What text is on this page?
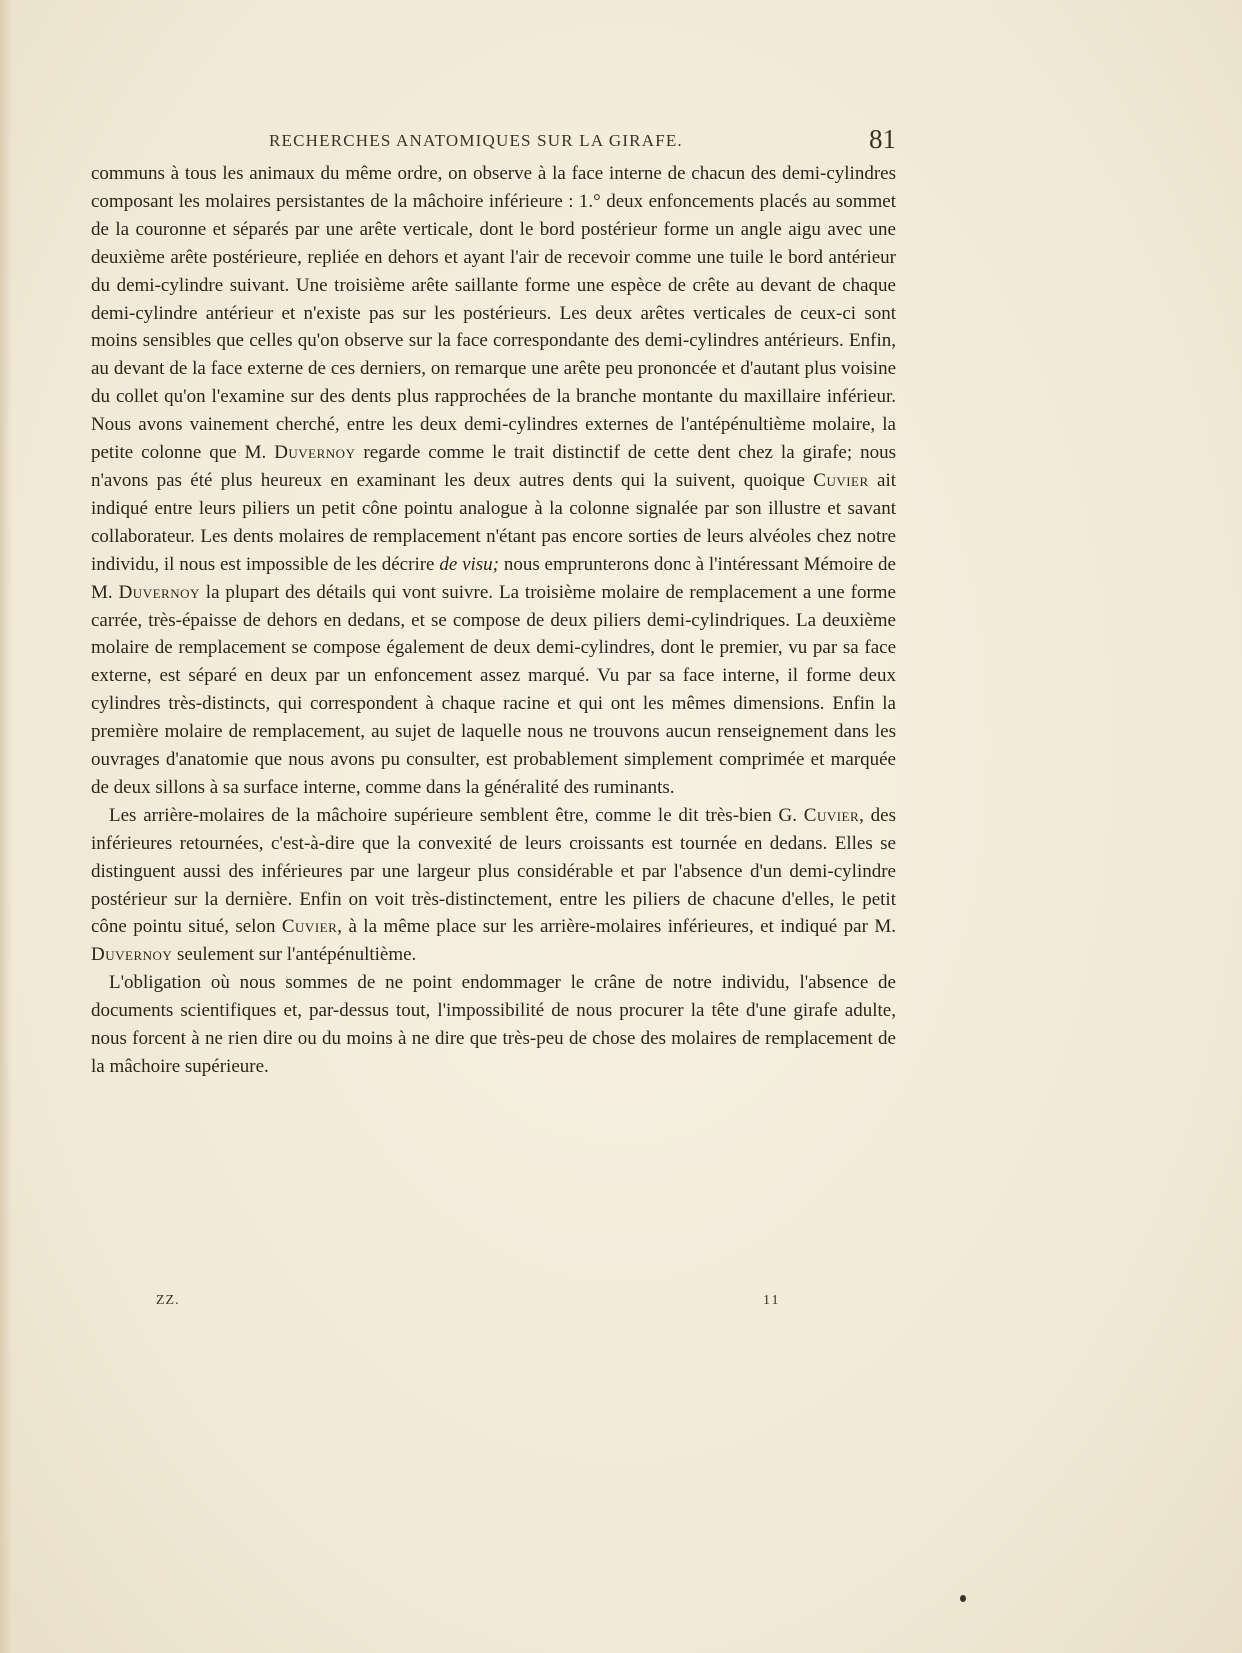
RECHERCHES ANATOMIQUES SUR LA GIRAFE.	81

communs à tous les animaux du même ordre, on observe à la face interne de chacun des demi-cylindres composant les molaires persistantes de la mâchoire inférieure : 1.° deux enfoncements placés au sommet de la couronne et séparés par une arête verticale, dont le bord postérieur forme un angle aigu avec une deuxième arête postérieure, repliée en dehors et ayant l'air de recevoir comme une tuile le bord antérieur du demi-cylindre suivant. Une troisième arête saillante forme une espèce de crête au devant de chaque demi-cylindre antérieur et n'existe pas sur les postérieurs. Les deux arêtes verticales de ceux-ci sont moins sensibles que celles qu'on observe sur la face correspondante des demi-cylindres antérieurs. Enfin, au devant de la face externe de ces derniers, on remarque une arête peu prononcée et d'autant plus voisine du collet qu'on l'examine sur des dents plus rapprochées de la branche montante du maxillaire inférieur. Nous avons vainement cherché, entre les deux demi-cylindres externes de l'antépénultième molaire, la petite colonne que M. Duvernoy regarde comme le trait distinctif de cette dent chez la girafe; nous n'avons pas été plus heureux en examinant les deux autres dents qui la suivent, quoique Cuvier ait indiqué entre leurs piliers un petit cône pointu analogue à la colonne signalée par son illustre et savant collaborateur. Les dents molaires de remplacement n'étant pas encore sorties de leurs alvéoles chez notre individu, il nous est impossible de les décrire de visu; nous emprunterons donc à l'intéressant Mémoire de M. Duvernoy la plupart des détails qui vont suivre. La troisième molaire de remplacement a une forme carrée, très-épaisse de dehors en dedans, et se compose de deux piliers demi-cylindriques. La deuxième molaire de remplacement se compose également de deux demi-cylindres, dont le premier, vu par sa face externe, est séparé en deux par un enfoncement assez marqué. Vu par sa face interne, il forme deux cylindres très-distincts, qui correspondent à chaque racine et qui ont les mêmes dimensions. Enfin la première molaire de remplacement, au sujet de laquelle nous ne trouvons aucun renseignement dans les ouvrages d'anatomie que nous avons pu consulter, est probablement simplement comprimée et marquée de deux sillons à sa surface interne, comme dans la généralité des ruminants.

Les arrière-molaires de la mâchoire supérieure semblent être, comme le dit très-bien G. Cuvier, des inférieures retournées, c'est-à-dire que la convexité de leurs croissants est tournée en dedans. Elles se distinguent aussi des inférieures par une largeur plus considérable et par l'absence d'un demi-cylindre postérieur sur la dernière. Enfin on voit très-distinctement, entre les piliers de chacune d'elles, le petit cône pointu situé, selon Cuvier, à la même place sur les arrière-molaires inférieures, et indiqué par M. Duvernoy seulement sur l'antépénultième.

L'obligation où nous sommes de ne point endommager le crâne de notre individu, l'absence de documents scientifiques et, par-dessus tout, l'impossibilité de nous procurer la tête d'une girafe adulte, nous forcent à ne rien dire ou du moins à ne dire que très-peu de chose des molaires de remplacement de la mâchoire supérieure.

ZZ.	11
